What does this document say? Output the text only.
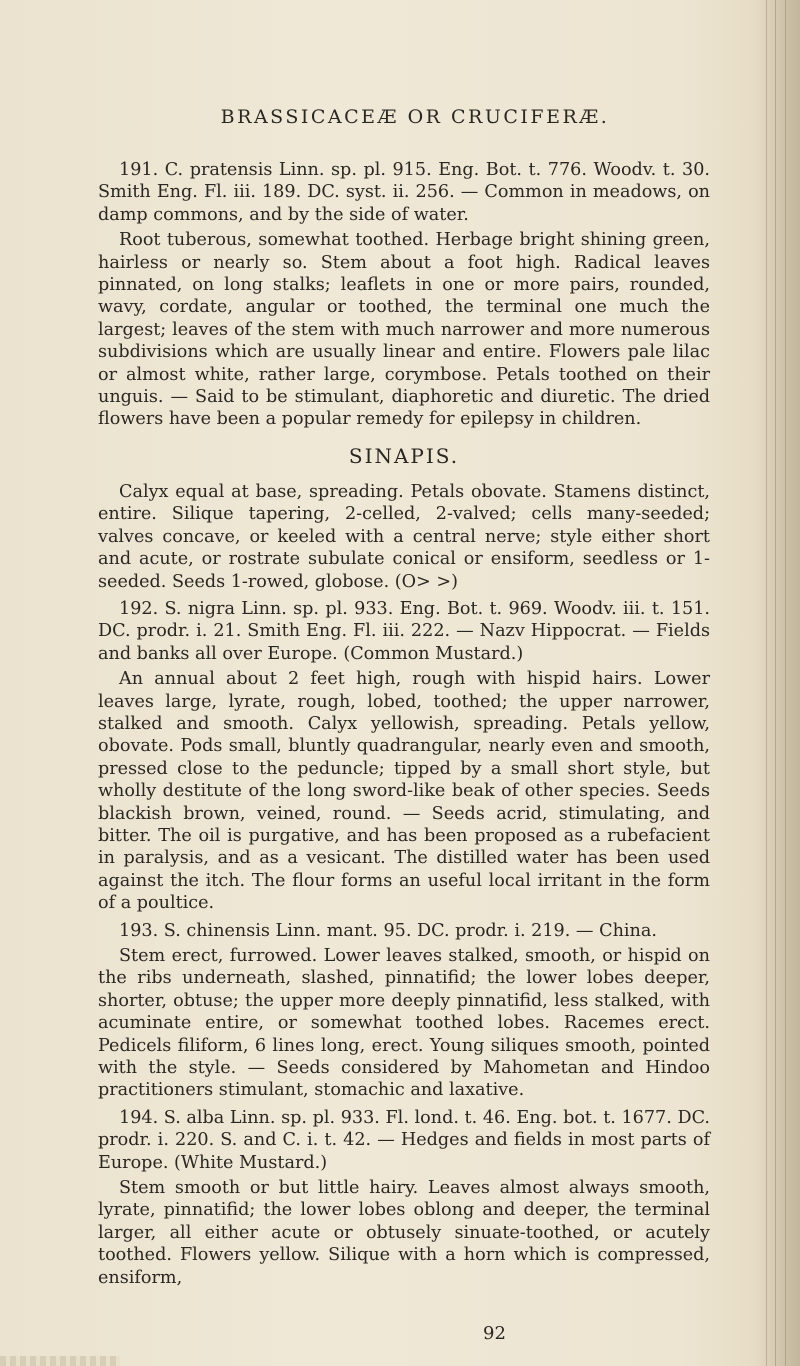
BRASSICACEÆ OR CRUCIFERÆ.

191. C. pratensis Linn. sp. pl. 915. Eng. Bot. t. 776. Woodv. t. 30. Smith Eng. Fl. iii. 189. DC. syst. ii. 256. — Common in meadows, on damp commons, and by the side of water.

Root tuberous, somewhat toothed. Herbage bright shining green, hairless or nearly so. Stem about a foot high. Radical leaves pinnated, on long stalks; leaflets in one or more pairs, rounded, wavy, cordate, angular or toothed, the terminal one much the largest; leaves of the stem with much narrower and more numerous subdivisions which are usually linear and entire. Flowers pale lilac or almost white, rather large, corymbose. Petals toothed on their unguis. — Said to be stimulant, diaphoretic and diuretic. The dried flowers have been a popular remedy for epilepsy in children.

SINAPIS.

Calyx equal at base, spreading. Petals obovate. Stamens distinct, entire. Silique tapering, 2-celled, 2-valved; cells many-seeded; valves concave, or keeled with a central nerve; style either short and acute, or rostrate subulate conical or ensiform, seedless or 1-seeded. Seeds 1-rowed, globose. (O> >)

192. S. nigra Linn. sp. pl. 933. Eng. Bot. t. 969. Woodv. iii. t. 151. DC. prodr. i. 21. Smith Eng. Fl. iii. 222. — Nazv Hippocrat. — Fields and banks all over Europe. (Common Mustard.)

An annual about 2 feet high, rough with hispid hairs. Lower leaves large, lyrate, rough, lobed, toothed; the upper narrower, stalked and smooth. Calyx yellowish, spreading. Petals yellow, obovate. Pods small, bluntly quadrangular, nearly even and smooth, pressed close to the peduncle; tipped by a small short style, but wholly destitute of the long sword-like beak of other species. Seeds blackish brown, veined, round. — Seeds acrid, stimulating, and bitter. The oil is purgative, and has been proposed as a rubefacient in paralysis, and as a vesicant. The distilled water has been used against the itch. The flour forms an useful local irritant in the form of a poultice.

193. S. chinensis Linn. mant. 95. DC. prodr. i. 219. — China.

Stem erect, furrowed. Lower leaves stalked, smooth, or hispid on the ribs underneath, slashed, pinnatifid; the lower lobes deeper, shorter, obtuse; the upper more deeply pinnatifid, less stalked, with acuminate entire, or somewhat toothed lobes. Racemes erect. Pedicels filiform, 6 lines long, erect. Young siliques smooth, pointed with the style. — Seeds considered by Mahometan and Hindoo practitioners stimulant, stomachic and laxative.

194. S. alba Linn. sp. pl. 933. Fl. lond. t. 46. Eng. bot. t. 1677. DC. prodr. i. 220. S. and C. i. t. 42. — Hedges and fields in most parts of Europe. (White Mustard.)

Stem smooth or but little hairy. Leaves almost always smooth, lyrate, pinnatifid; the lower lobes oblong and deeper, the terminal larger, all either acute or obtusely sinuate-toothed, or acutely toothed. Flowers yellow. Silique with a horn which is compressed, ensiform,

92
